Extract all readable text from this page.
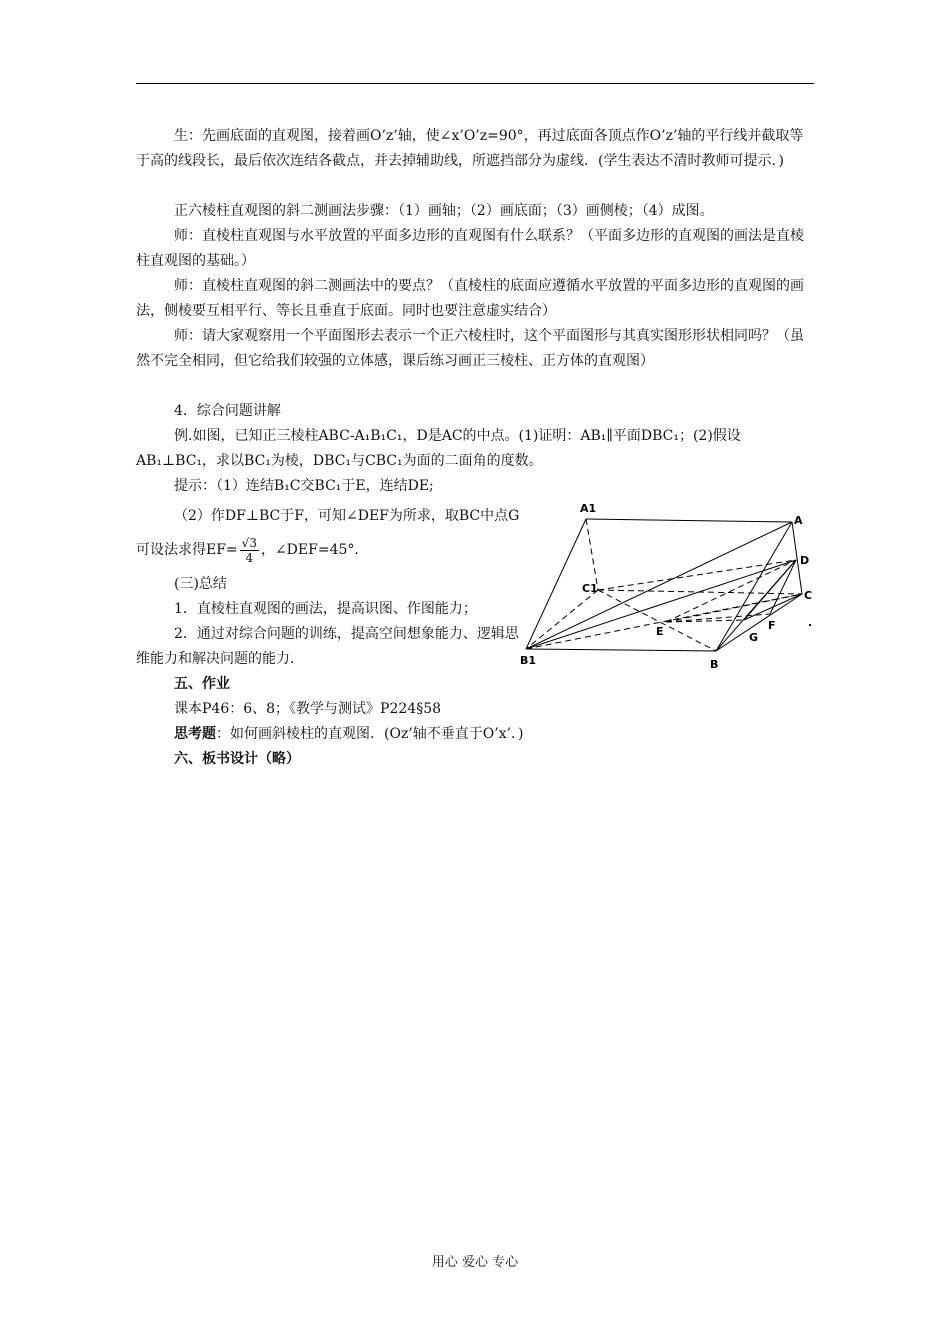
生：先画底面的直观图，接着画O’z’轴，使∠x’O’z=90°，再过底面各顶点作O’z’轴的平行线并截取等于高的线段长，最后依次连结各截点，并去掉辅助线，所遮挡部分为虚线．(学生表达不清时教师可提示．)

正六棱柱直观图的斜二测画法步骤：（1）画轴；（2）画底面；（3）画侧棱；（4）成图。

师：直棱柱直观图与水平放置的平面多边形的直观图有什么联系？（平面多边形的直观图的画法是直棱柱直观图的基础。）

师：直棱柱直观图的斜二测画法中的要点？（直棱柱的底面应遵循水平放置的平面多边形的直观图的画法，侧棱要互相平行、等长且垂直于底面。同时也要注意虚实结合）

师：请大家观察用一个平面图形去表示一个正六棱柱时，这个平面图形与其真实图形形状相同吗？（虽然不完全相同，但它给我们较强的立体感，课后练习画正三棱柱、正方体的直观图）

4．综合问题讲解

例.如图，已知正三棱柱ABC-A₁B₁C₁，D是AC的中点。(1)证明：AB₁∥平面DBC₁；(2)假设AB₁⊥BC₁，求以BC₁为棱，DBC₁与CBC₁为面的二面角的度数。

提示：（1）连结B₁C交BC₁于E，连结DE;

（2）作DF⊥BC于F，可知∠DEF为所求，取BC中点G可设法求得$EF= \frac{√3}{4}$ ，∠DEF=45°．

(三)总结

1．直棱柱直观图的画法，提高识图、作图能力；

2．通过对综合问题的训练，提高空间想象能力、逻辑思维能力和解决问题的能力．

五、作业

课本P46：6、8；《教学与测试》P224§58

思考题：如何画斜棱柱的直观图．(Oz’轴不垂直于O’x’．)

六、板书设计（略）

A1
A
C1
D
C
E	F
G
B1	B
.
用心 爱心 专心
